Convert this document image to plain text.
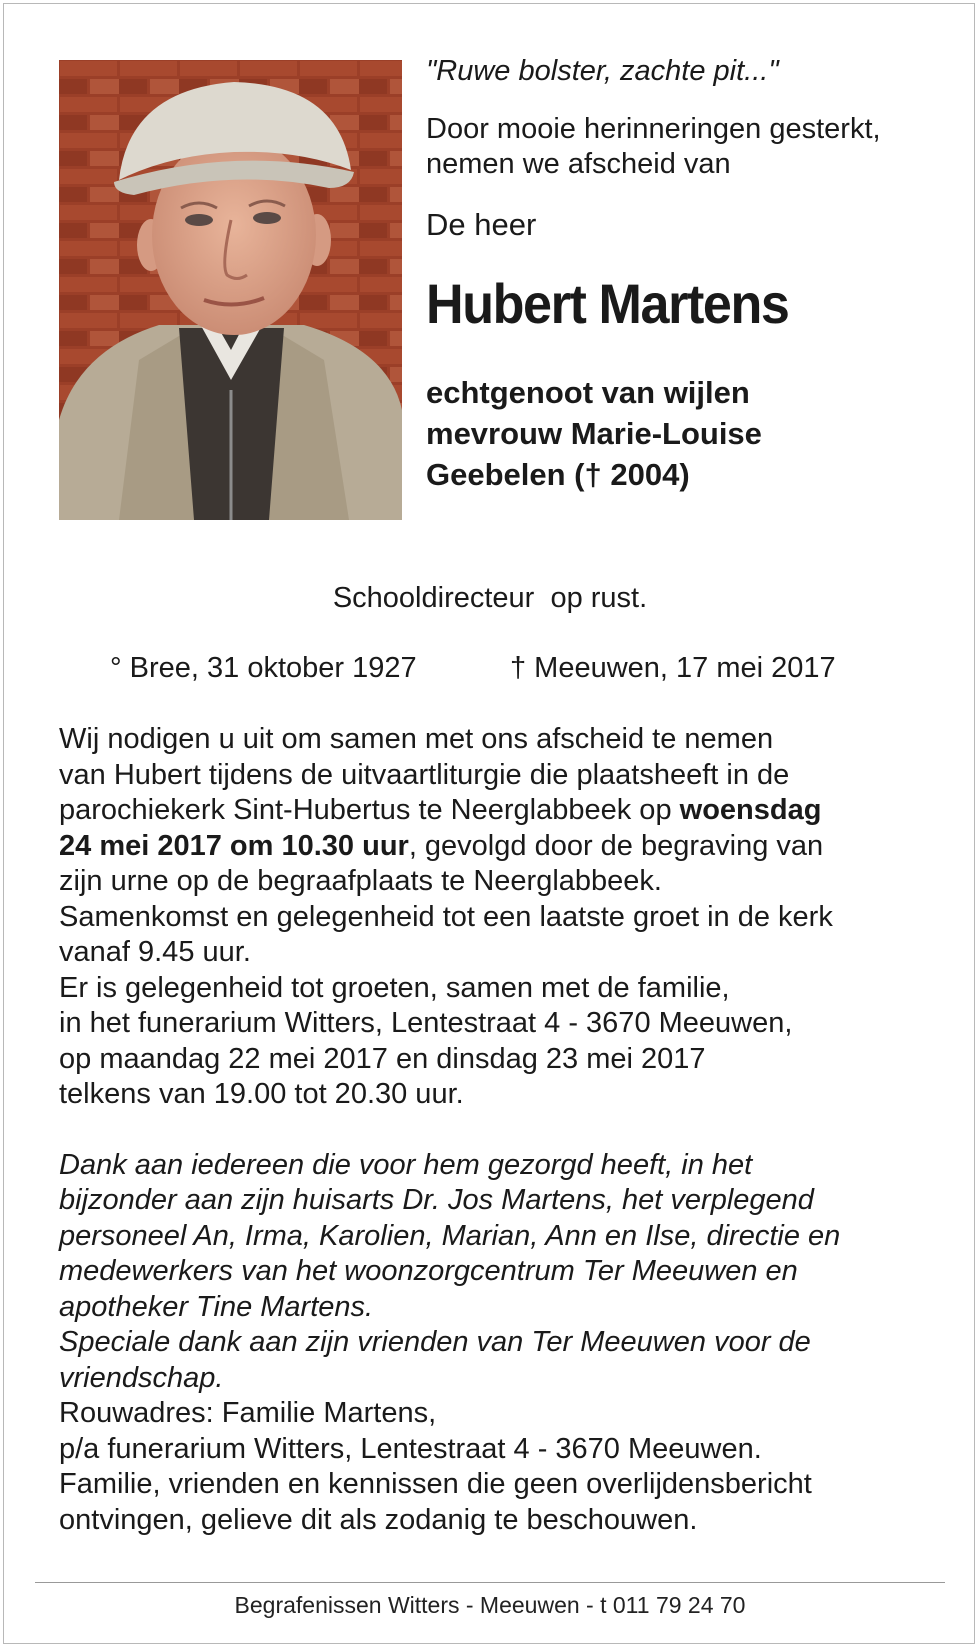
"Ruwe bolster, zachte pit..."

Door mooie herinneringen gesterkt,
nemen we afscheid van

De heer

Hubert Martens

echtgenoot van wijlen
mevrouw Marie-Louise
Geebelen († 2004)

Schooldirecteur  op rust.
° Bree, 31 oktober 1927	† Meeuwen, 17 mei 2017

Wij nodigen u uit om samen met ons afscheid te nemen
van Hubert tijdens de uitvaartliturgie die plaatsheeft in de
parochiekerk Sint-Hubertus te Neerglabbeek op woensdag
24 mei 2017 om 10.30 uur, gevolgd door de begraving van
zijn urne op de begraafplaats te Neerglabbeek.
Samenkomst en gelegenheid tot een laatste groet in de kerk
vanaf 9.45 uur.
Er is gelegenheid tot groeten, samen met de familie,
in het funerarium Witters, Lentestraat 4 - 3670 Meeuwen,
op maandag 22 mei 2017 en dinsdag 23 mei 2017
telkens van 19.00 tot 20.30 uur.

Dank aan iedereen die voor hem gezorgd heeft, in het
bijzonder aan zijn huisarts Dr. Jos Martens, het verplegend
personeel An, Irma, Karolien, Marian, Ann en Ilse, directie en
medewerkers van het woonzorgcentrum Ter Meeuwen en
apotheker Tine Martens.
Speciale dank aan zijn vrienden van Ter Meeuwen voor de
vriendschap.

Rouwadres: Familie Martens,
p/a funerarium Witters, Lentestraat 4 - 3670 Meeuwen.

Familie, vrienden en kennissen die geen overlijdensbericht
ontvingen, gelieve dit als zodanig te beschouwen.

Begrafenissen Witters - Meeuwen - t 011 79 24 70
